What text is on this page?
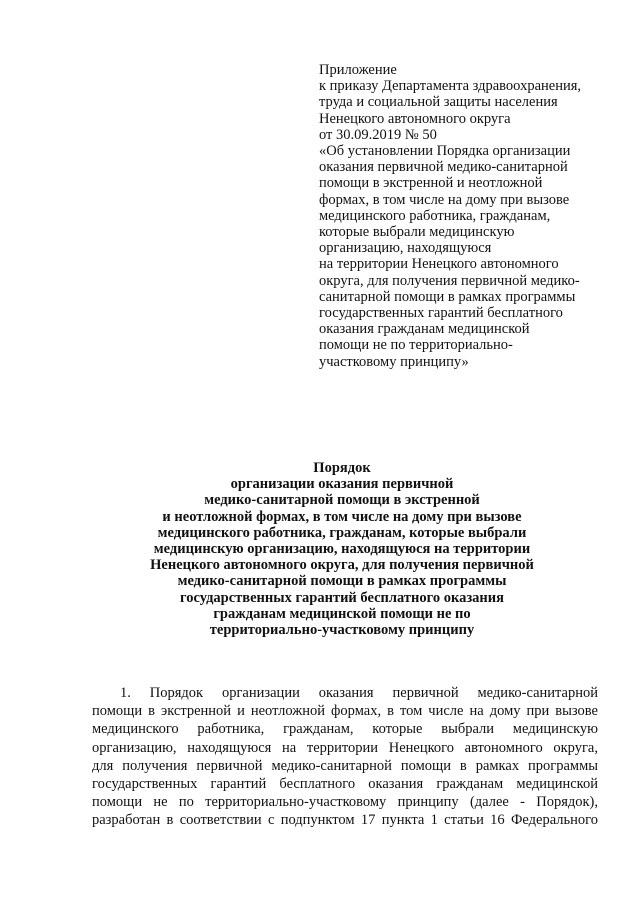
Приложение
к приказу Департамента здравоохранения,
труда и социальной защиты населения
Ненецкого автономного округа
от 30.09.2019 № 50
«Об установлении Порядка организации
оказания первичной медико-санитарной
помощи в экстренной и неотложной
формах, в том числе на дому при вызове
медицинского работника, гражданам,
которые выбрали медицинскую
организацию, находящуюся
на территории Ненецкого автономного
округа, для получения первичной медико-
санитарной помощи в рамках программы
государственных гарантий бесплатного
оказания гражданам медицинской
помощи не по территориально-
участковому принципу»
Порядок
организации оказания первичной
медико-санитарной помощи в экстренной
и неотложной формах, в том числе на дому при вызове
медицинского работника, гражданам, которые выбрали
медицинскую организацию, находящуюся на территории
Ненецкого автономного округа, для получения первичной
медико-санитарной помощи в рамках программы
государственных гарантий бесплатного оказания
гражданам медицинской помощи не по
территориально-участковому принципу
1. Порядок организации оказания первичной медико-санитарной
помощи в экстренной и неотложной формах, в том числе на дому при вызове
медицинского работника, гражданам, которые выбрали медицинскую
организацию, находящуюся на территории Ненецкого автономного округа,
для получения первичной медико-санитарной помощи в рамках программы
государственных гарантий бесплатного оказания гражданам медицинской
помощи не по территориально-участковому принципу (далее - Порядок),
разработан в соответствии с подпунктом 17 пункта 1 статьи 16 Федерального
